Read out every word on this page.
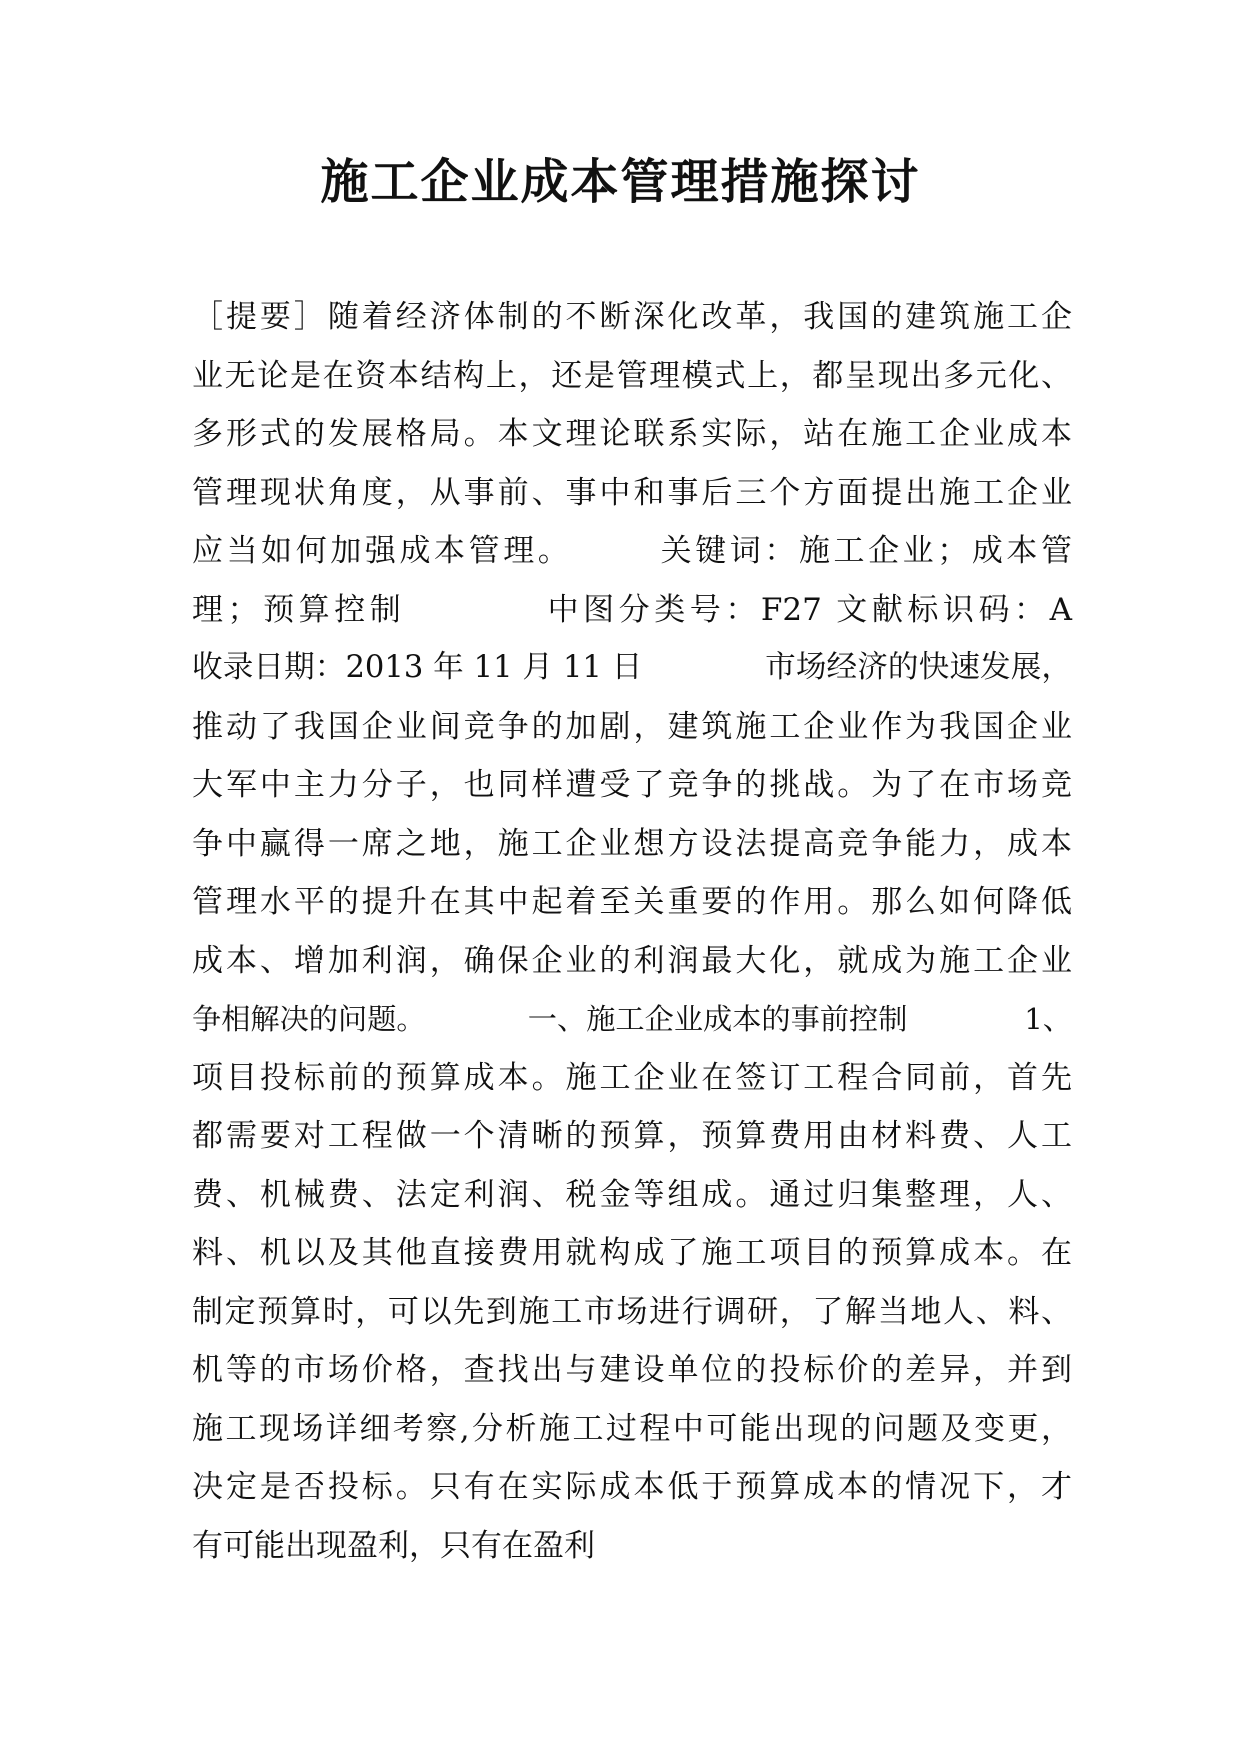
施工企业成本管理措施探讨
［提要］随着经济体制的不断深化改革，我国的建筑施工企
业无论是在资本结构上，还是管理模式上，都呈现出多元化、
多形式的发展格局。本文理论联系实际，站在施工企业成本
管理现状角度，从事前、事中和事后三个方面提出施工企业
应当如何加强成本管理。　　　关键词：施工企业；成本管
理；预算控制　　　　中图分类号：F27 文献标识码：A
收录日期：2013 年 11 月 11 日　　　　市场经济的快速发展，
推动了我国企业间竞争的加剧，建筑施工企业作为我国企业
大军中主力分子，也同样遭受了竞争的挑战。为了在市场竞
争中赢得一席之地，施工企业想方设法提高竞争能力，成本
管理水平的提升在其中起着至关重要的作用。那么如何降低
成本、增加利润，确保企业的利润最大化，就成为施工企业
争相解决的问题。　　　　一、施工企业成本的事前控制　　　　1、
项目投标前的预算成本。施工企业在签订工程合同前，首先
都需要对工程做一个清晰的预算，预算费用由材料费、人工
费、机械费、法定利润、税金等组成。通过归集整理，人、
料、机以及其他直接费用就构成了施工项目的预算成本。在
制定预算时，可以先到施工市场进行调研，了解当地人、料、
机等的市场价格，查找出与建设单位的投标价的差异，并到
施工现场详细考察,分析施工过程中可能出现的问题及变更，
决定是否投标。只有在实际成本低于预算成本的情况下，才
有可能出现盈利，只有在盈利
